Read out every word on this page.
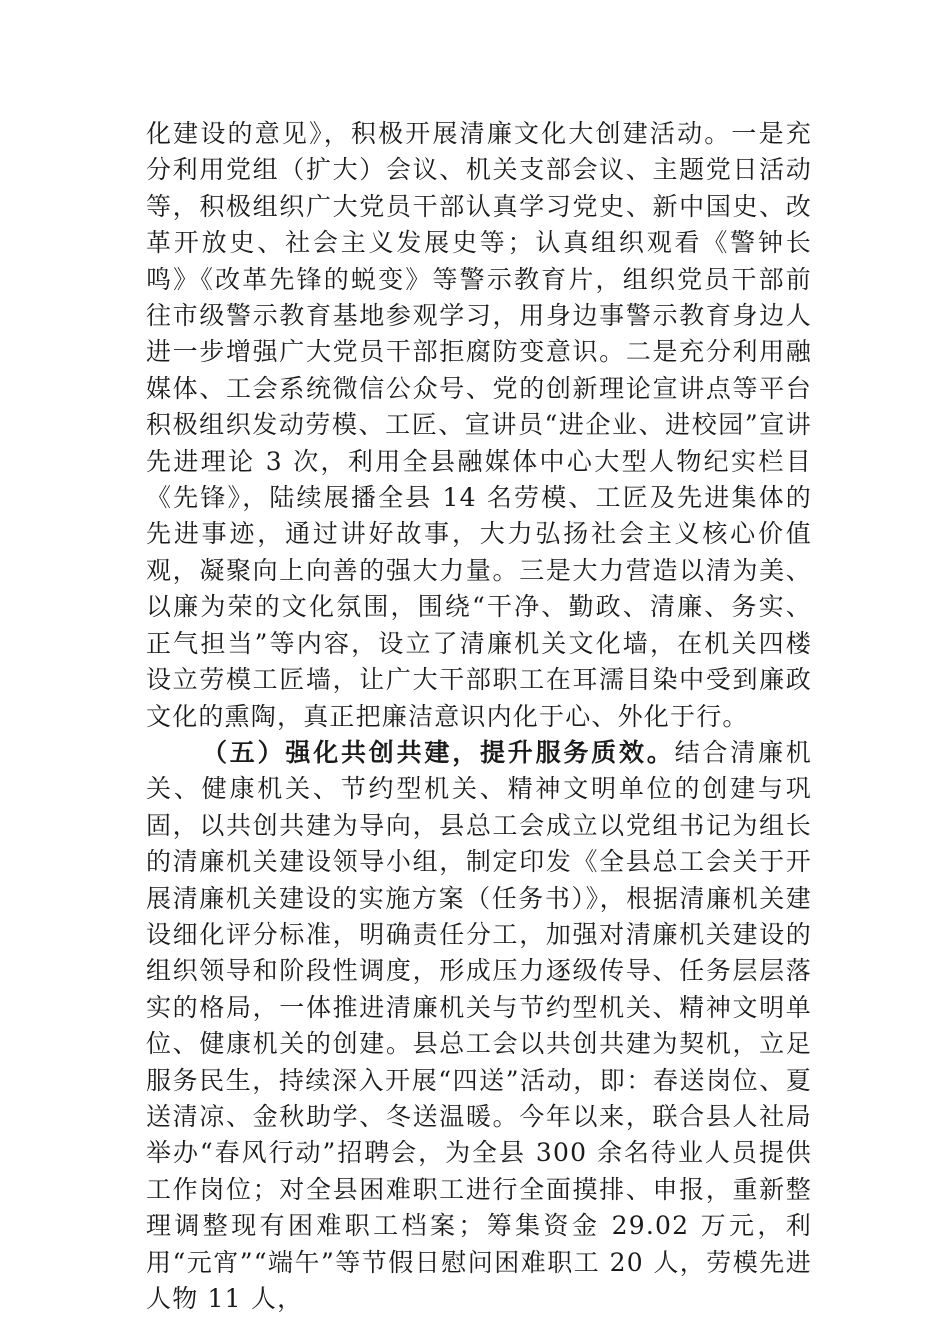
化建设的意见》，积极开展清廉文化大创建活动。一是充分利用党组（扩大）会议、机关支部会议、主题党日活动等，积极组织广大党员干部认真学习党史、新中国史、改革开放史、社会主义发展史等；认真组织观看《警钟长鸣》《改革先锋的蜕变》等警示教育片，组织党员干部前往市级警示教育基地参观学习，用身边事警示教育身边人进一步增强广大党员干部拒腐防变意识。二是充分利用融媒体、工会系统微信公众号、党的创新理论宣讲点等平台积极组织发动劳模、工匠、宣讲员“进企业、进校园”宣讲先进理论 3 次，利用全县融媒体中心大型人物纪实栏目《先锋》，陆续展播全县 14 名劳模、工匠及先进集体的先进事迹，通过讲好故事，大力弘扬社会主义核心价值观，凝聚向上向善的强大力量。三是大力营造以清为美、以廉为荣的文化氛围，围绕“干净、勤政、清廉、务实、正气担当”等内容，设立了清廉机关文化墙，在机关四楼设立劳模工匠墙，让广大干部职工在耳濡目染中受到廉政文化的熏陶，真正把廉洁意识内化于心、外化于行。

（五）强化共创共建，提升服务质效。结合清廉机关、健康机关、节约型机关、精神文明单位的创建与巩固，以共创共建为导向，县总工会成立以党组书记为组长的清廉机关建设领导小组，制定印发《全县总工会关于开展清廉机关建设的实施方案（任务书）》，根据清廉机关建设细化评分标准，明确责任分工，加强对清廉机关建设的组织领导和阶段性调度，形成压力逐级传导、任务层层落实的格局，一体推进清廉机关与节约型机关、精神文明单位、健康机关的创建。县总工会以共创共建为契机，立足服务民生，持续深入开展“四送”活动，即：春送岗位、夏送清凉、金秋助学、冬送温暖。今年以来，联合县人社局举办“春风行动”招聘会，为全县 300 余名待业人员提供工作岗位；对全县困难职工进行全面摸排、申报，重新整理调整现有困难职工档案；筹集资金 29.02 万元，利用“元宵”“端午”等节假日慰问困难职工 20 人，劳模先进人物 11 人，
